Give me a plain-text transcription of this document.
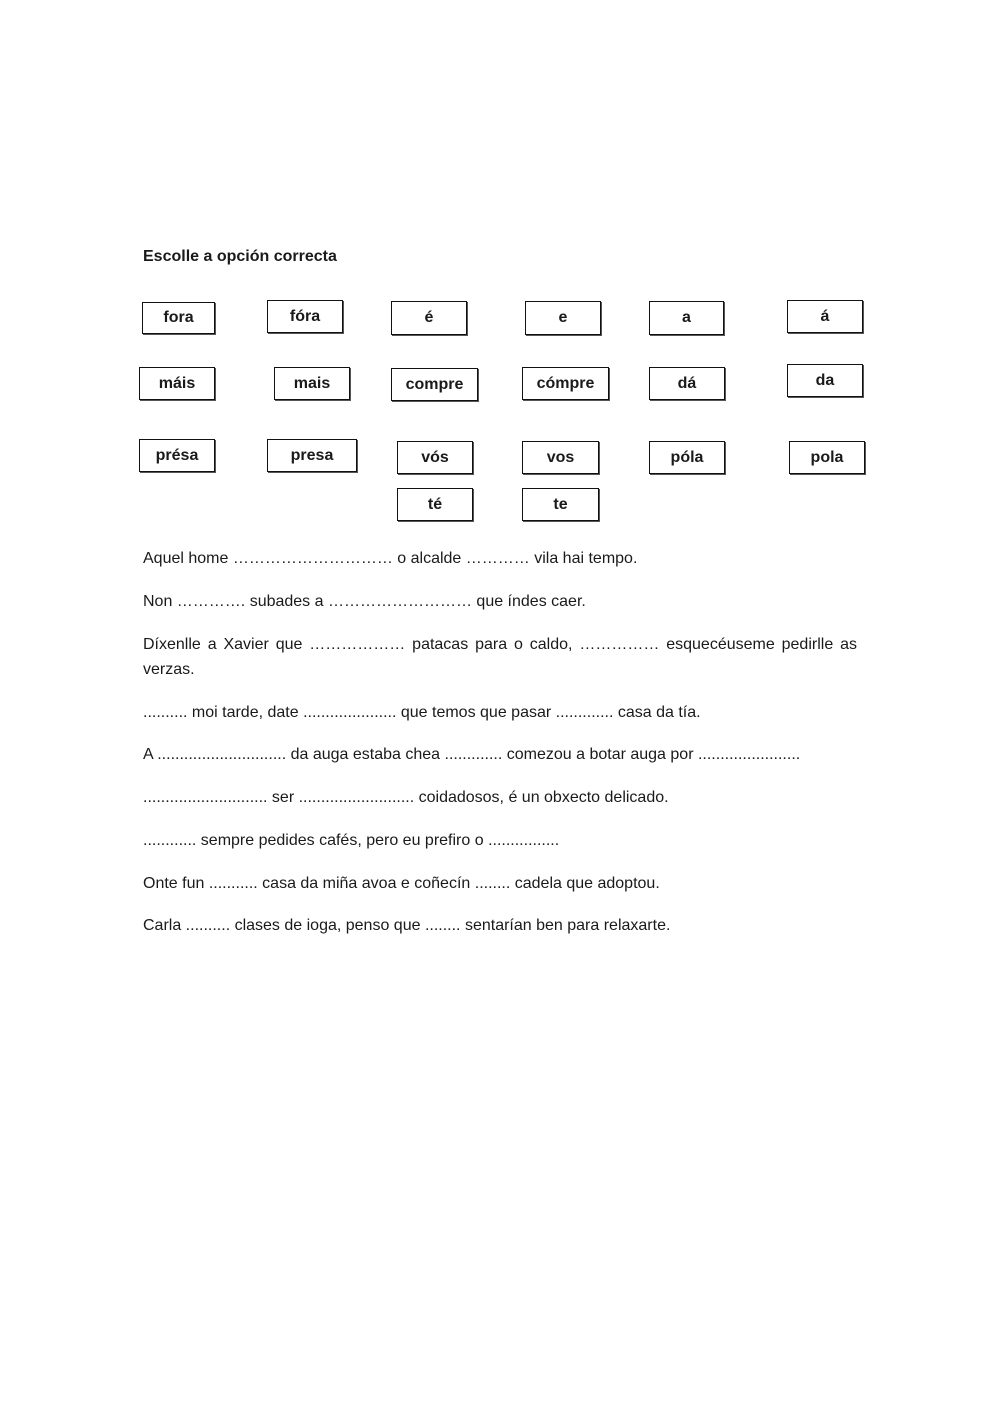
Escolle a opción correcta
fora	fóra	é	e	a	á
máis	mais	compre	cómpre	dá	da
présa	presa	vós	vos	póla	pola
té	te
Aquel home ………………………… o alcalde ………… vila hai tempo.
Non …………. subades a ……………………… que índes caer.
Díxenlle a Xavier que ……………… patacas para o caldo, …………… esquecéuseme pedirlle as verzas.
.......... moi tarde, date ..................... que temos que pasar ............. casa da tía.
A ............................. da auga estaba chea ............. comezou a botar auga por .......................
............................ ser .......................... coidadosos, é un obxecto delicado.
............ sempre pedides cafés, pero eu prefiro o ................
Onte fun ........... casa da miña avoa e coñecín ........ cadela que adoptou.
Carla .......... clases de ioga, penso que ........ sentarían ben para relaxarte.
